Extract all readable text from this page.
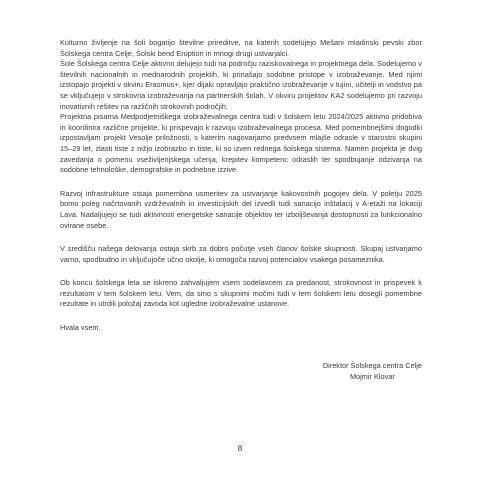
Kulturno življenje na šoli bogatijo številne prireditve, na katerih sodelujejo Mešani mladinski pevski zbor Šolskega centra Celje, Šolski bend Eruption in mnogi drugi ustvarjalci.

Šole Šolskega centra Celje aktivno delujejo tudi na področju raziskovalnega in projektnega dela. Sodelujemo v številnih nacionalnih in mednarodnih projektih, ki prinašajo sodobne pristope v izobraževanje. Med njimi izstopajo projekti v okviru Erasmus+, kjer dijaki opravljajo praktično izobraževanje v tujini, učitelji in vodstvo pa se vključujejo v strokovna izobraževanja na partnerskih šolah. V okviru projektov KA2 sodelujemo pri razvoju inovativnih rešitev na različnih strokovnih področjih.

Projektna pisarna Medpodjetniškega izobraževalnega centra tudi v šolskem letu 2024/2025 aktivno pridobiva in koordinira različne projekte, ki prispevajo k razvoju izobraževalnega procesa. Med pomembnejšimi dogodki izpostavljam projekt Vesolje priložnosti, s katerim nagovarjamo predvsem mlajše odrasle v starostni skupini 15–29 let, zlasti tiste z nižjo izobrazbo in tiste, ki so izven rednega šolskega sistema. Namen projekta je dvig zavedanja o pomenu vseživljenjskega učenja, krepitev kompetenc odraslih ter spodbujanje odzivanja na sodobne tehnološke, demografske in podnebne izzive.

Razvoj infrastrukture ostaja pomembna usmeritev za ustvarjanje kakovostnih pogojev dela. V poletju 2025 bomo poleg načrtovanih vzdrževalnih in investicijskih del izvedli tudi sanacijo inštalacij v A-etaži na lokaciji Lava. Nadaljujejo se tudi aktivnosti energetske sanacije objektov ter izboljševanja dostopnosti za funkcionalno ovirane osebe.

V središču našega delovanja ostaja skrb za dobro počutje vseh članov šolske skupnosti. Skupaj ustvarjamo varno, spodbudno in vključujoče učno okolje, ki omogoča razvoj potencialov vsakega posameznika.

Ob koncu šolskega leta se iskreno zahvaljujem vsem sodelavcem za predanost, strokovnost in prispevek k rezultatom v tem šolskem letu. Vem, da smo s skupnimi močmi tudi v tem šolskem letu dosegli pomembne rezultate in utrdili položaj zavoda kot ugledne izobraževalne ustanove.

Hvala vsem.

Direktor Šolskega centra Celje
Mojmir Klovar
8
